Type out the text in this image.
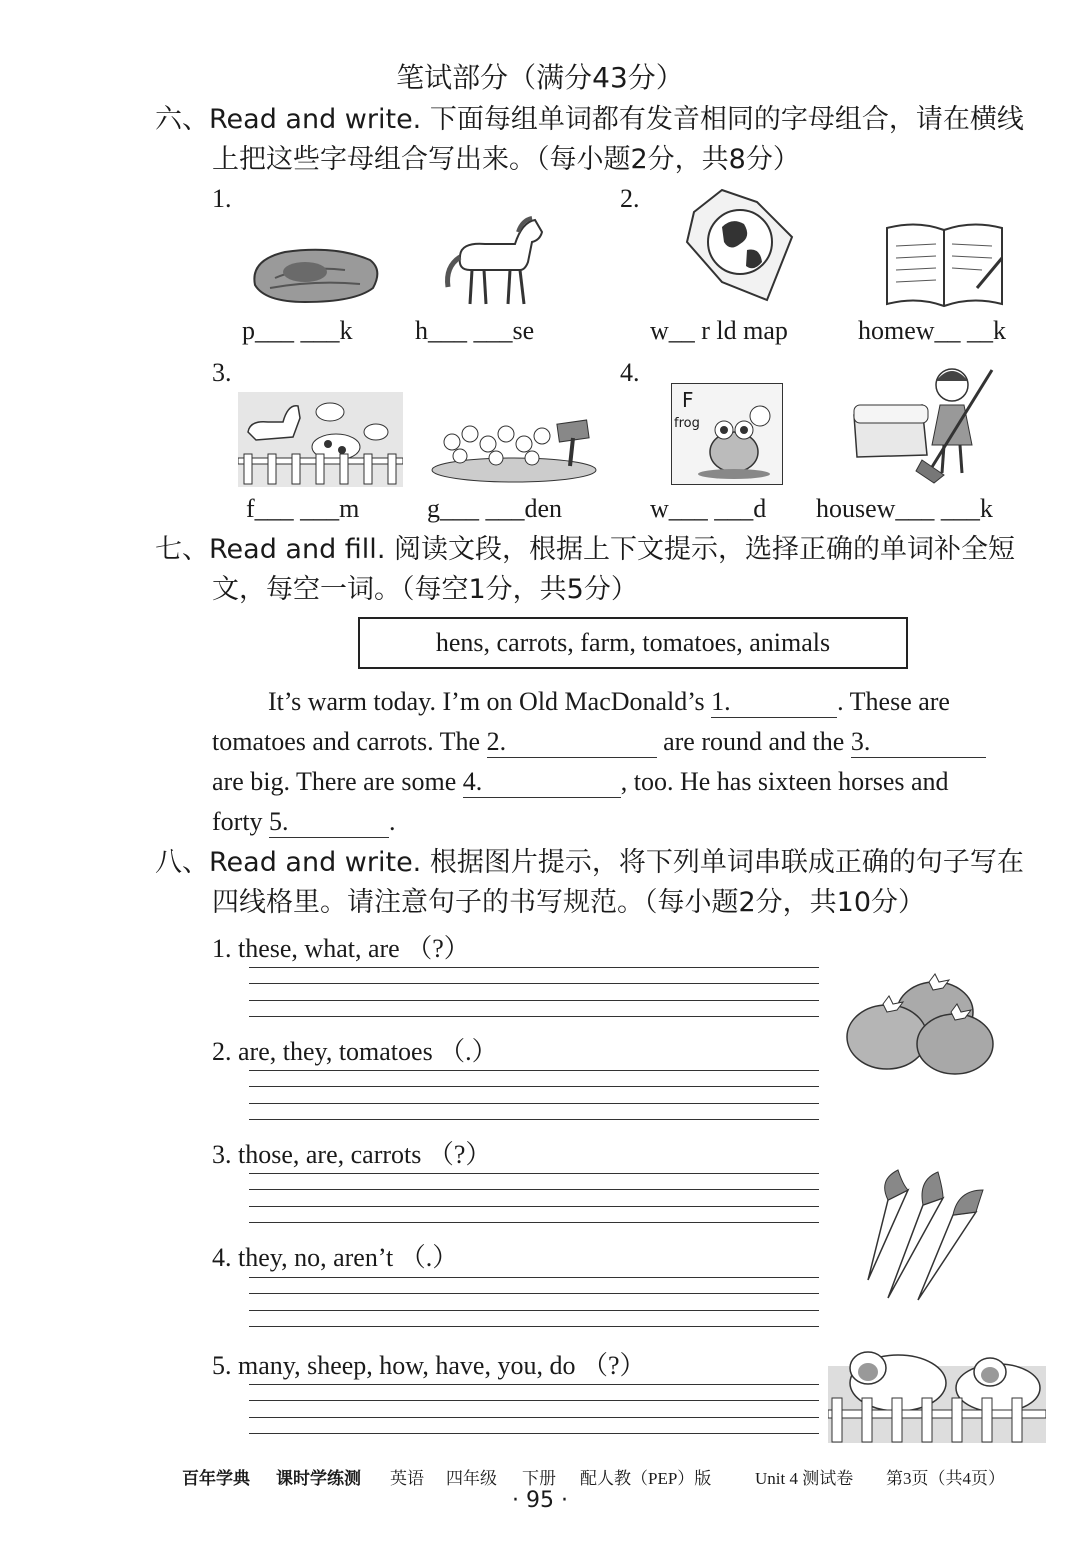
笔试部分（满分43分）
六、Read and write. 下面每组单词都有发音相同的字母组合，请在横线
上把这些字母组合写出来。（每小题2分，共8分）
1.	2.
3.	4.
p___ ___k h___ ___se	w__ r ld map	homew__ __k
f___ ___m	g___ ___den
F
frog
w___ ___d housew___ ___k
七、Read and fill. 阅读文段，根据上下文提示，选择正确的单词补全短
文，每空一词。（每空1分，共5分）
hens, carrots, farm, tomatoes, animals
It’s warm today. I’m on Old MacDonald’s 1.	. These are
tomatoes and carrots. The 2.	are round and the 3.
are big. There are some 4.	, too. He has sixteen horses and
forty 5.	.
八、Read and write. 根据图片提示，将下列单词串联成正确的句子写在
四线格里。请注意句子的书写规范。（每小题2分，共10分）
1. these, what, are （?）
2. are, they, tomatoes （.）
3. those, are, carrots （?）
4. they, no, aren’t （.）
5. many, sheep, how, have, you, do （?）
百年学典 课时学练测 英语 四年级 下册 配人教（PEP）版	Unit 4 测试卷 第3页（共4页）
· 95 ·
